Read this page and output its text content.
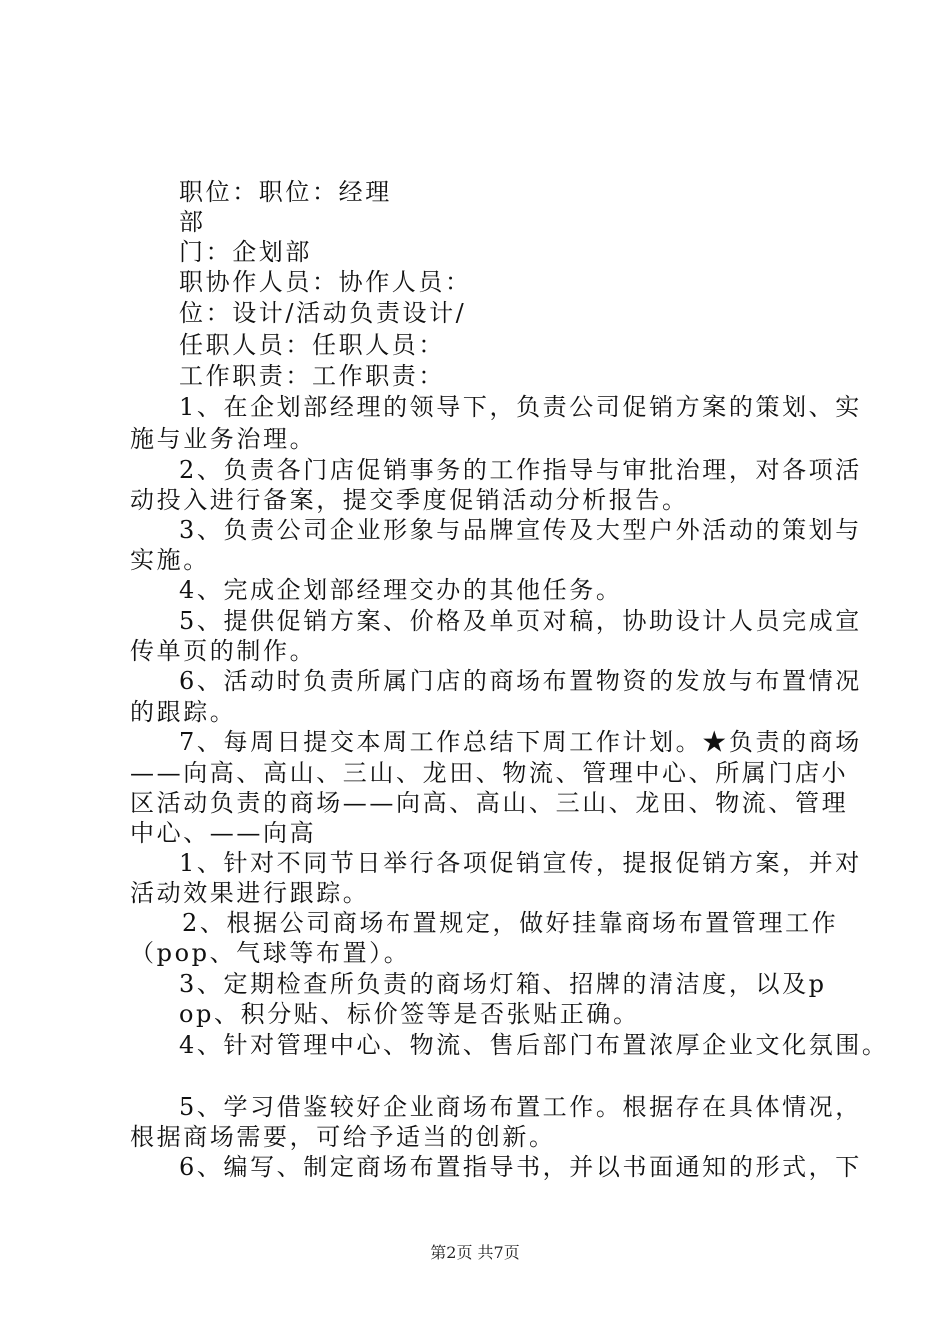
职位：职位：经理
部
门：企划部
职协作人员：协作人员：
位：设计/活动负责设计/
任职人员：任职人员：
工作职责：工作职责：
1、在企划部经理的领导下，负责公司促销方案的策划、实
施与业务治理。
2、负责各门店促销事务的工作指导与审批治理，对各项活
动投入进行备案，提交季度促销活动分析报告。
3、负责公司企业形象与品牌宣传及大型户外活动的策划与
实施。
4、完成企划部经理交办的其他任务。
5、提供促销方案、价格及单页对稿，协助设计人员完成宣
传单页的制作。
6、活动时负责所属门店的商场布置物资的发放与布置情况
的跟踪。
7、每周日提交本周工作总结下周工作计划。★负责的商场
——向高、高山、三山、龙田、物流、管理中心、所属门店小
区活动负责的商场——向高、高山、三山、龙田、物流、管理
中心、——向高
1、针对不同节日举行各项促销宣传，提报促销方案，并对
活动效果进行跟踪。
2、根据公司商场布置规定，做好挂靠商场布置管理工作
（pop、气球等布置）。
3、定期检查所负责的商场灯箱、招牌的清洁度，以及p
op、积分贴、标价签等是否张贴正确。
4、针对管理中心、物流、售后部门布置浓厚企业文化氛围。
5、学习借鉴较好企业商场布置工作。根据存在具体情况，
根据商场需要，可给予适当的创新。
6、编写、制定商场布置指导书，并以书面通知的形式，下
第2页 共7页
